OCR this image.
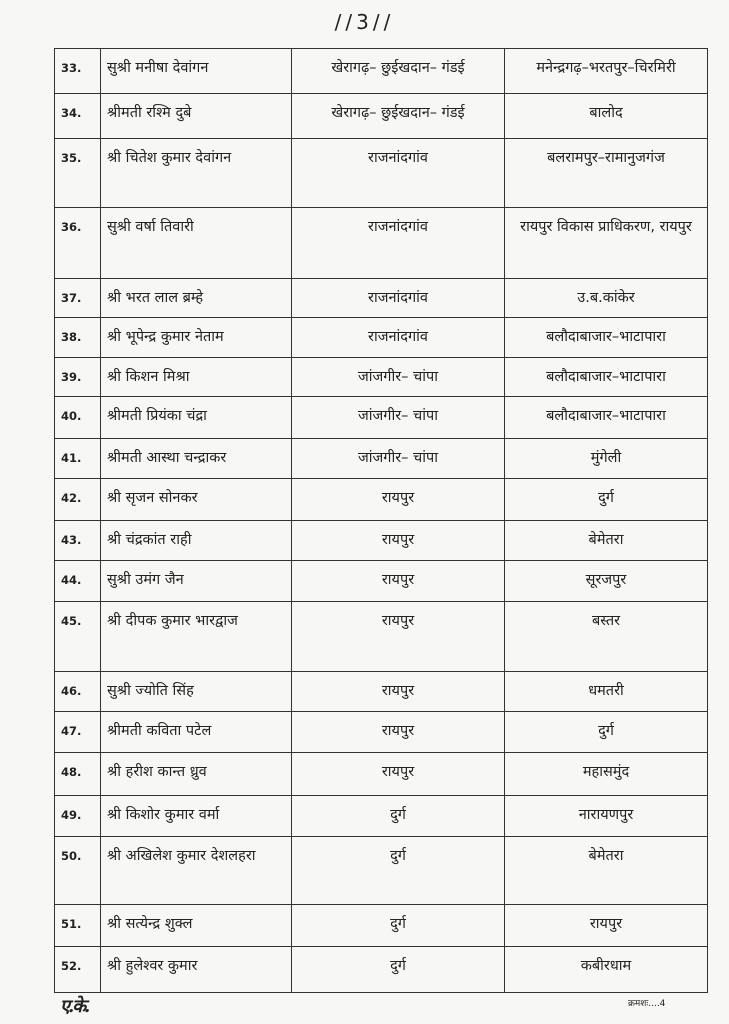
//3//
33.	सुश्री मनीषा देवांगन	खेरागढ़– छुईखदान– गंडई	मनेन्द्रगढ़–भरतपुर–चिरमिरी
34.	श्रीमती रश्मि दुबे	खेरागढ़– छुईखदान– गंडई	बालोद
35.	श्री चितेश कुमार देवांगन	राजनांदगांव	बलरामपुर–रामानुजगंज
36.	सुश्री वर्षा तिवारी	राजनांदगांव	रायपुर विकास प्राधिकरण, रायपुर
37.	श्री भरत लाल ब्रम्हे	राजनांदगांव	उ.ब.कांकेर
38.	श्री भूपेन्द्र कुमार नेताम	राजनांदगांव	बलौदाबाजार–भाटापारा
39.	श्री किशन मिश्रा	जांजगीर– चांपा	बलौदाबाजार–भाटापारा
40.	श्रीमती प्रियंका चंद्रा	जांजगीर– चांपा	बलौदाबाजार–भाटापारा
41.	श्रीमती आस्था चन्द्राकर	जांजगीर– चांपा	मुंगेली
42.	श्री सृजन सोनकर	रायपुर	दुर्ग
43.	श्री चंद्रकांत राही	रायपुर	बेमेतरा
44.	सुश्री उमंग जैन	रायपुर	सूरजपुर
45.	श्री दीपक कुमार भारद्वाज	रायपुर	बस्तर
46.	सुश्री ज्योति सिंह	रायपुर	धमतरी
47.	श्रीमती कविता पटेल	रायपुर	दुर्ग
48.	श्री हरीश कान्त ध्रुव	रायपुर	महासमुंद
49.	श्री किशोर कुमार वर्मा	दुर्ग	नारायणपुर
50.	श्री अखिलेश कुमार देशलहरा	दुर्ग	बेमेतरा
51.	श्री सत्येन्द्र शुक्ल	दुर्ग	रायपुर
52.	श्री हुलेश्वर कुमार	दुर्ग	कबीरधाम
ए.के.	क्रमशः....4
